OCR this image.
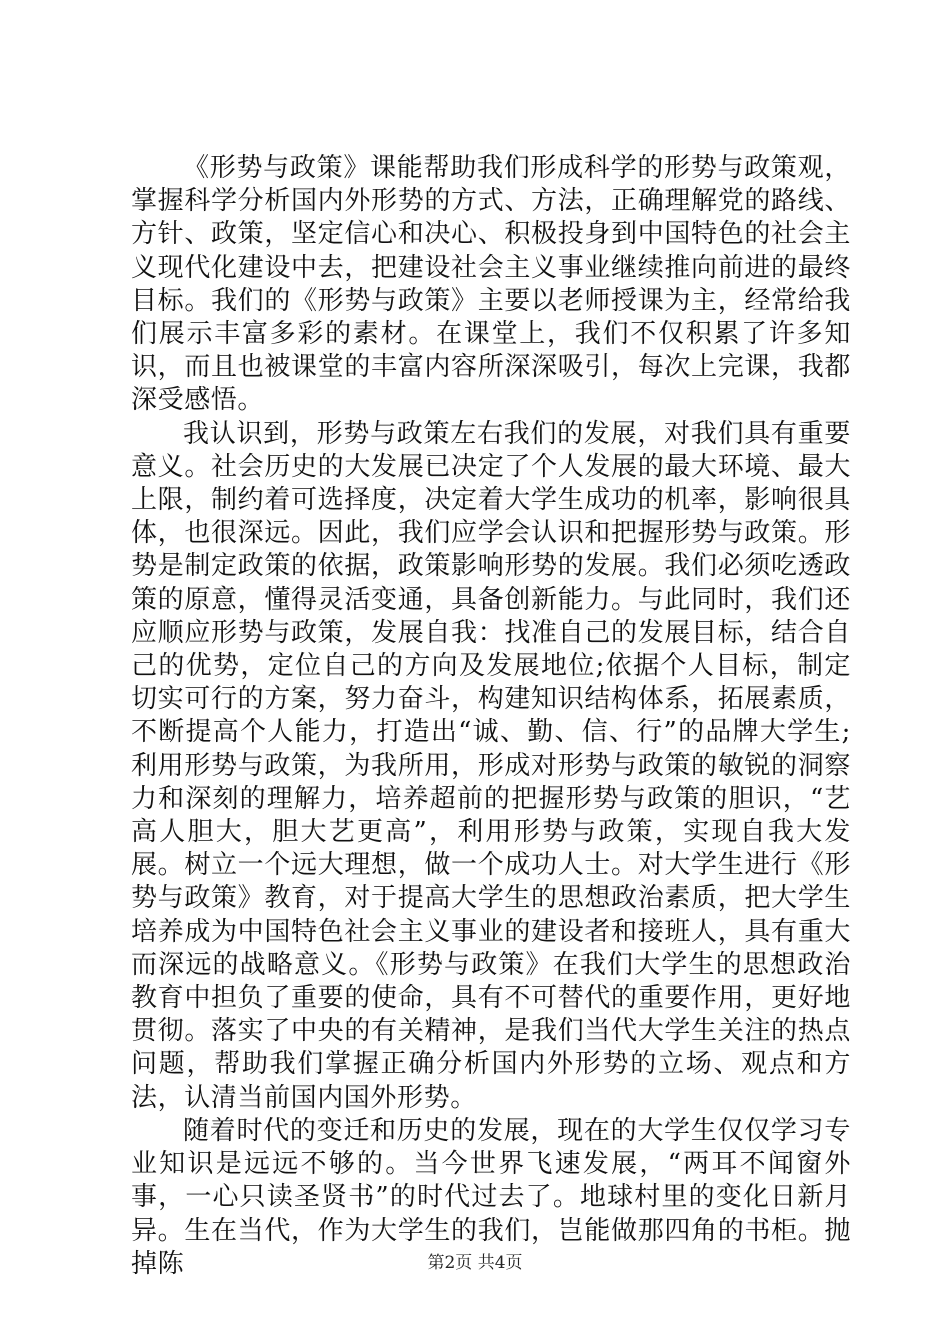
《形势与政策》课能帮助我们形成科学的形势与政策观，掌握科学分析国内外形势的方式、方法，正确理解党的路线、方针、政策，坚定信心和决心、积极投身到中国特色的社会主义现代化建设中去，把建设社会主义事业继续推向前进的最终目标。我们的《形势与政策》主要以老师授课为主，经常给我们展示丰富多彩的素材。在课堂上，我们不仅积累了许多知识，而且也被课堂的丰富内容所深深吸引，每次上完课，我都深受感悟。

我认识到，形势与政策左右我们的发展，对我们具有重要意义。社会历史的大发展已决定了个人发展的最大环境、最大上限，制约着可选择度，决定着大学生成功的机率，影响很具体，也很深远。因此，我们应学会认识和把握形势与政策。形势是制定政策的依据，政策影响形势的发展。我们必须吃透政策的原意，懂得灵活变通，具备创新能力。与此同时，我们还应顺应形势与政策，发展自我：找准自己的发展目标，结合自己的优势，定位自己的方向及发展地位;依据个人目标，制定切实可行的方案，努力奋斗，构建知识结构体系，拓展素质，不断提高个人能力，打造出“诚、勤、信、行”的品牌大学生;利用形势与政策，为我所用，形成对形势与政策的敏锐的洞察力和深刻的理解力，培养超前的把握形势与政策的胆识，“艺高人胆大，胆大艺更高”，利用形势与政策，实现自我大发展。树立一个远大理想，做一个成功人士。对大学生进行《形势与政策》教育，对于提高大学生的思想政治素质，把大学生培养成为中国特色社会主义事业的建设者和接班人，具有重大而深远的战略意义。《形势与政策》在我们大学生的思想政治教育中担负了重要的使命，具有不可替代的重要作用，更好地贯彻。落实了中央的有关精神，是我们当代大学生关注的热点问题，帮助我们掌握正确分析国内外形势的立场、观点和方法，认清当前国内国外形势。

随着时代的变迁和历史的发展，现在的大学生仅仅学习专业知识是远远不够的。当今世界飞速发展，“两耳不闻窗外事，一心只读圣贤书”的时代过去了。地球村里的变化日新月异。生在当代，作为大学生的我们，岂能做那四角的书柜。抛掉陈	第2页 共4页
